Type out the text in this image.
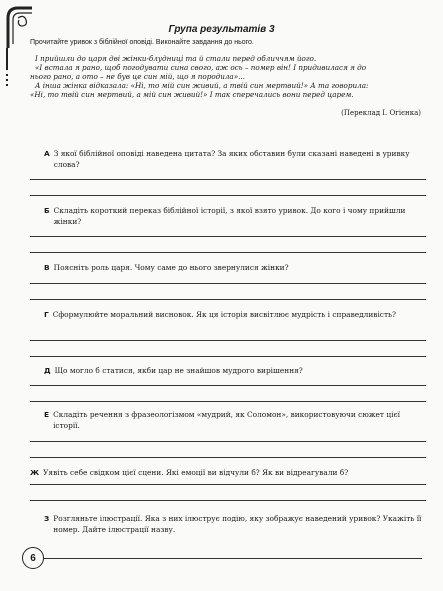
Група результатів 3
Прочитайте уривок з біблійної оповіді. Виконайте завдання до нього.
І прийшли до царя дві жінки-блудниці та й стали перед обличчям його.
«І встала я рано, щоб погодувати сина свого, аж ось – помер він! І придивилася я до
нього рано, а ото – не був це син мій, що я породила»...
А інша жінка відказала: «Ні, то мій син живий, а твій син мертвий!» А та говорила:
«Ні, то твій син мертвий, а мій син живий!» І так сперечались вони перед царем.
(Переклад І. Огієнка)
А З якої біблійної оповіді наведена цитата? За яких обставин були сказані наведені в уривку слова?
Б Складіть короткий переказ біблійної історії, з якої взято уривок. До кого і чому прийшли жінки?
В Поясніть роль царя. Чому саме до нього звернулися жінки?
Г Сформулюйте моральний висновок. Як ця історія висвітлює мудрість і справедливість?
Д Що могло б статися, якби цар не знайшов мудрого вирішення?
Е Складіть речення з фразеологізмом «мудрий, як Соломон», використовуючи сюжет цієї історії.
Ж Уявіть себе свідком цієї сцени. Які емоції ви відчули б? Як ви відреагували б?
З Розгляньте ілюстрації. Яка з них ілюструє подію, яку зображує наведений уривок? Укажіть її номер. Дайте ілюстрації назву.
6
